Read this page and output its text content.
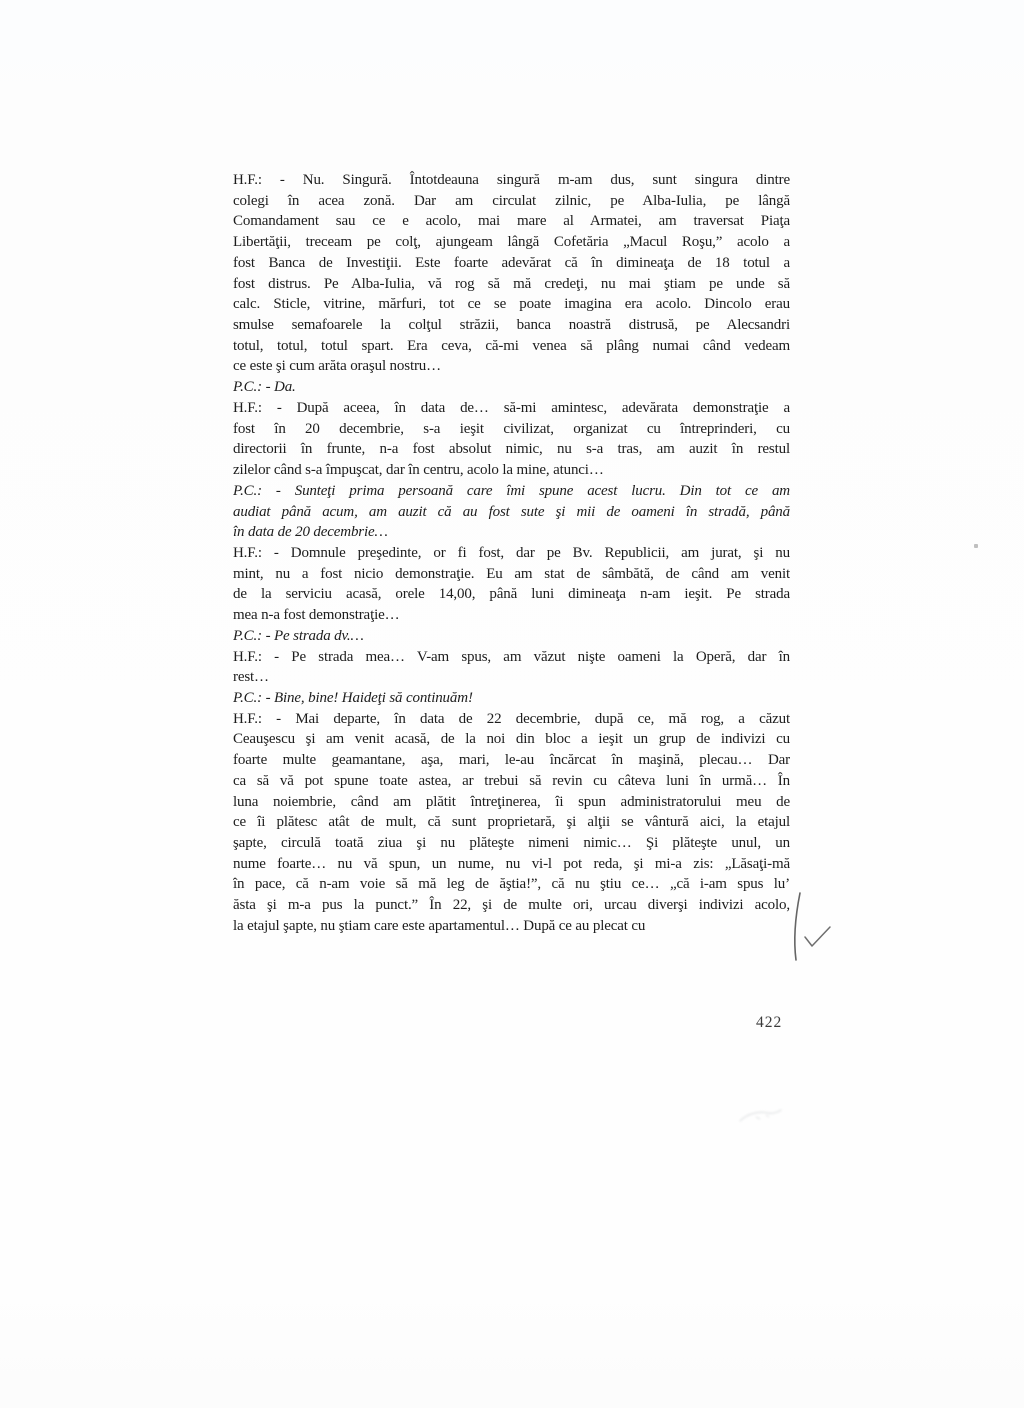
H.F.: - Nu. Singură. Întotdeauna singură m-am dus, sunt singura dintre
colegi în acea zonă. Dar am circulat zilnic, pe Alba-Iulia, pe lângă
Comandament sau ce e acolo, mai mare al Armatei, am traversat Piaţa
Libertăţii, treceam pe colţ, ajungeam lângă Cofetăria „Macul Roşu,” acolo a
fost Banca de Investiţii. Este foarte adevărat că în dimineaţa de 18 totul a
fost distrus. Pe Alba-Iulia, vă rog să mă credeţi, nu mai ştiam pe unde să
calc. Sticle, vitrine, mărfuri, tot ce se poate imagina era acolo. Dincolo erau
smulse semafoarele la colţul străzii, banca noastră distrusă, pe Alecsandri
totul, totul, totul spart. Era ceva, că-mi venea să plâng numai când vedeam
ce este şi cum arăta oraşul nostru…
P.C.: - Da.
H.F.: - După aceea, în data de… să-mi amintesc, adevărata demonstraţie a
fost în 20 decembrie, s-a ieşit civilizat, organizat cu întreprinderi, cu
directorii în frunte, n-a fost absolut nimic, nu s-a tras, am auzit în restul
zilelor când s-a împuşcat, dar în centru, acolo la mine, atunci…
P.C.: - Sunteţi prima persoană care îmi spune acest lucru. Din tot ce am
audiat până acum, am auzit că au fost sute şi mii de oameni în stradă, până
în data de 20 decembrie…
H.F.: - Domnule preşedinte, or fi fost, dar pe Bv. Republicii, am jurat, şi nu
mint, nu a fost nicio demonstraţie. Eu am stat de sâmbătă, de când am venit
de la serviciu acasă, orele 14,00, până luni dimineaţa n-am ieşit. Pe strada
mea n-a fost demonstraţie…
P.C.: - Pe strada dv.…
H.F.: - Pe strada mea… V-am spus, am văzut nişte oameni la Operă, dar în
rest…
P.C.: - Bine, bine! Haideţi să continuăm!
H.F.: - Mai departe, în data de 22 decembrie, după ce, mă rog, a căzut
Ceauşescu şi am venit acasă, de la noi din bloc a ieşit un grup de indivizi cu
foarte multe geamantane, aşa, mari, le-au încărcat în maşină, plecau… Dar
ca să vă pot spune toate astea, ar trebui să revin cu câteva luni în urmă… În
luna noiembrie, când am plătit întreţinerea, îi spun administratorului meu de
ce îi plătesc atât de mult, că sunt proprietară, şi alţii se vântură aici, la etajul
şapte, circulă toată ziua şi nu plăteşte nimeni nimic… Şi plăteşte unul, un
nume foarte… nu vă spun, un nume, nu vi-l pot reda, şi mi-a zis: „Lăsaţi-mă
în pace, că n-am voie să mă leg de ăştia!”, că nu ştiu ce… „că i-am spus lu’
ăsta şi m-a pus la punct.” În 22, şi de multe ori, urcau diverşi indivizi acolo,
la etajul şapte, nu ştiam care este apartamentul… După ce au plecat cu
422
